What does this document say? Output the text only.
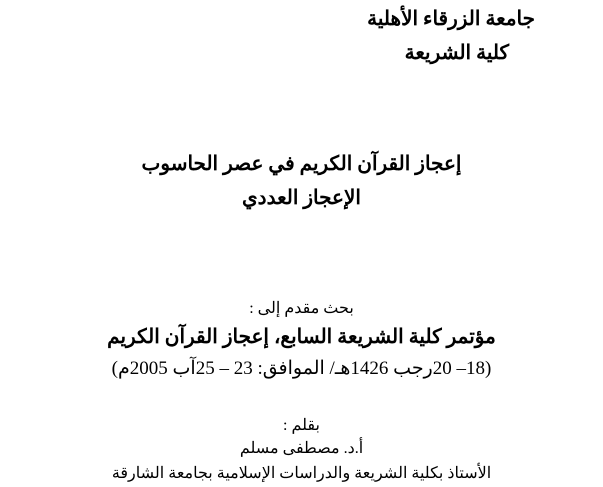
جامعة الزرقاء الأهلية
كلية الشريعة
إعجاز القرآن الكريم في عصر الحاسوب
الإعجاز العددي
بحث مقدم إلى :
مؤتمر كلية الشريعة السابع، إعجاز القرآن الكريم
(18– 20رجب 1426هـ/ الموافق: 23 – 25آب 2005م)
بقلم :
أ.د. مصطفى مسلم
الأستاذ بكلية الشريعة والدراسات الإسلامية بجامعة الشارقة
